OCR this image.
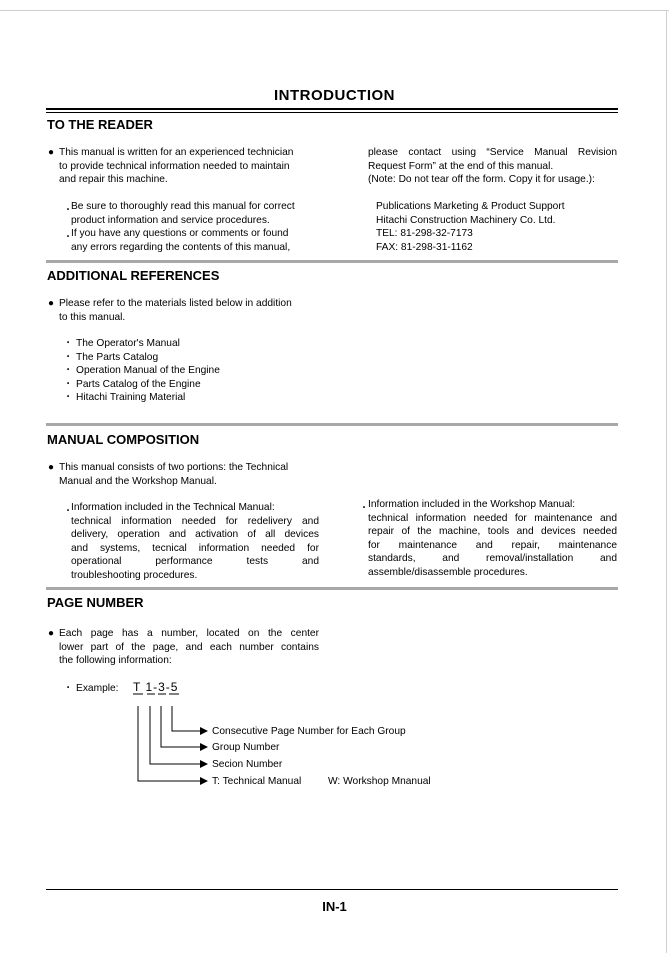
INTRODUCTION
TO THE READER
● This manual is written for an experienced technician
to provide technical information needed to maintain
and repair this machine.
・
Be sure to thoroughly read this manual for correct
product information and service procedures.
・
If you have any questions or comments or found
any errors regarding the contents of this manual,
please contact using “Service Manual Revision
Request Form” at the end of this manual.
(Note: Do not tear off the form. Copy it for usage.):
Publications Marketing & Product Support
Hitachi Construction Machinery Co. Ltd.
TEL: 81-298-32-7173
FAX: 81-298-31-1162
ADDITIONAL REFERENCES
● Please refer to the materials listed below in addition
to this manual.
・ The Operator's Manual
・ The Parts Catalog
・ Operation Manual of the Engine
・ Parts Catalog of the Engine
・ Hitachi Training Material
MANUAL COMPOSITION
● This manual consists of two portions: the Technical
Manual and the Workshop Manual.
・
Information included in the Technical Manual:
technical information needed for redelivery and
delivery, operation and activation of all devices
and systems, tecnical information needed for
operational performance tests and
troubleshooting procedures.
・ Information included in the Workshop Manual:
technical information needed for maintenance and
repair of the machine, tools and devices needed
for maintenance and repair, maintenance
standards, and removal/installation and
assemble/disassemble procedures.
PAGE NUMBER
● Each page has a number, located on the center
lower part of the page, and each number contains
the following information:
・ Example: T 1-3-5
Consecutive Page Number for Each Group
Group Number
Secion Number
T: Technical Manual	W: Workshop Mnanual
IN-1
